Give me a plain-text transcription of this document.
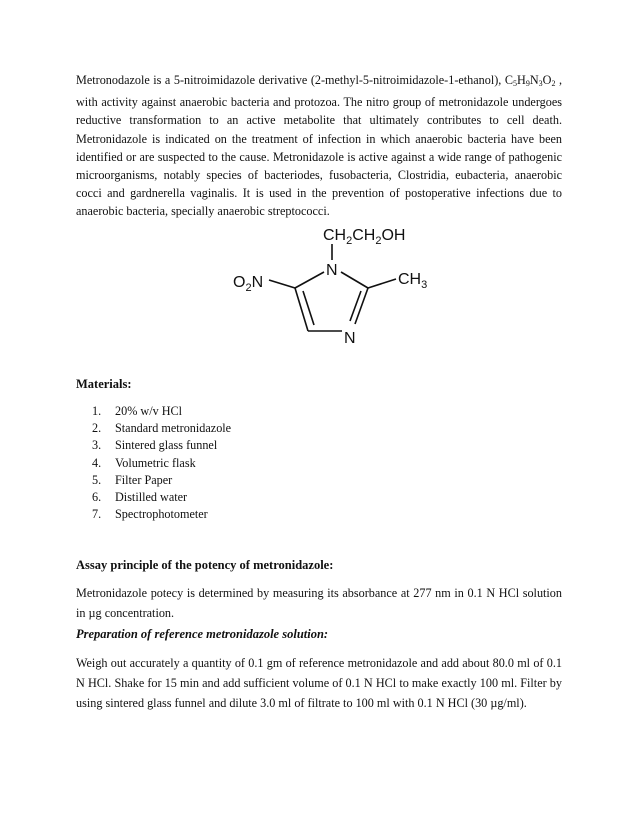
Metronodazole is a 5-nitroimidazole derivative (2-methyl-5-nitroimidazole-1-ethanol), $C_5H_9N_3O_2$ , with activity against anaerobic bacteria and protozoa. The nitro group of metronidazole undergoes reductive transformation to an active metabolite that ultimately contributes to cell death. Metronidazole is indicated on the treatment of infection in which anaerobic bacteria have been identified or are suspected to the cause. Metronidazole is active against a wide range of pathogenic microorganisms, notably species of bacteriodes, fusobacteria, Clostridia, eubacteria, anaerobic cocci and gardnerella vaginalis. It is used in the prevention of postoperative infections due to anaerobic bacteria, specially anaerobic streptococci.

$CH_2CH_2OH$
N
N
$O_2N$	$CH_3$

Materials:

1.	20% w/v HCl
2.	Standard metronidazole
3.	Sintered glass funnel
4.	Volumetric flask
5.	Filter Paper
6.	Distilled water
7.	Spectrophotometer

Assay principle of the potency of metronidazole:

Metronidazole potecy is determined by measuring its absorbance at 277 nm in 0.1 N HCl solution in µg concentration.

Preparation of reference metronidazole solution:

Weigh out accurately a quantity of 0.1 gm of reference metronidazole and add about 80.0 ml of 0.1 N HCl. Shake for 15 min and add sufficient volume of 0.1 N HCl to make exactly 100 ml. Filter by using sintered glass funnel and dilute 3.0 ml of filtrate to 100 ml with 0.1 N HCl (30 µg/ml).
